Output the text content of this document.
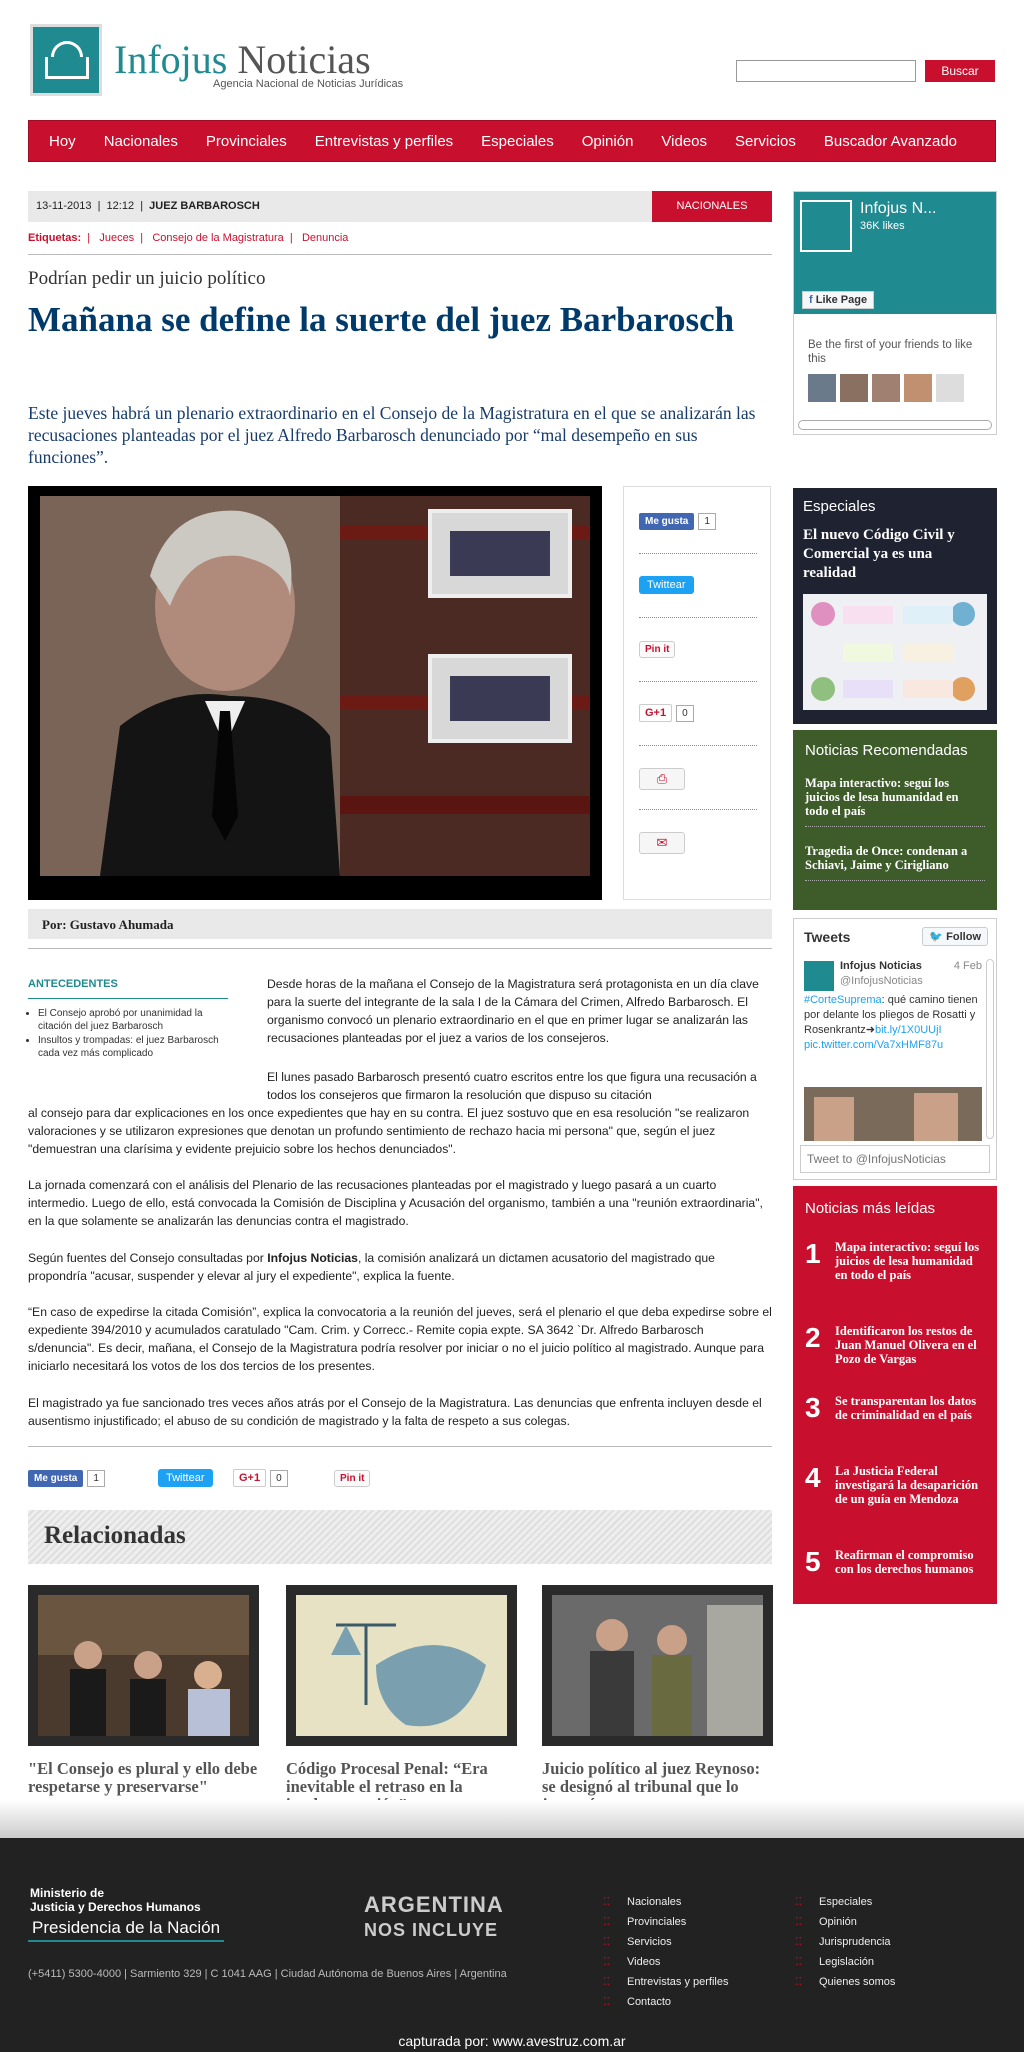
Infojus Noticias
Agencia Nacional de Noticias Jurídicas
Buscar
Hoy	Nacionales	Provinciales	Entrevistas y perfiles	Especiales	Opinión	Videos	Servicios	Buscador Avanzado
13-11-2013  |  12:12  |  JUEZ BARBAROSCH	NACIONALES
Etiquetas:  |   Jueces  |   Consejo de la Magistratura  |   Denuncia
Podrían pedir un juicio político
Mañana se define la suerte del juez Barbarosch

Este jueves habrá un plenario extraordinario en el Consejo de la Magistratura en el que se analizarán las recusaciones planteadas por el juez Alfredo Barbarosch denunciado por “mal desempeño en sus funciones”.

Me gusta 1
Twittear
Pin it
G+1 0
⎙
✉
Por: Gustavo Ahumada
ANTECEDENTES
• El Consejo aprobó por unanimidad la citación del juez Barbarosch
• Insultos y trompadas: el juez Barbarosch cada vez más complicado

Desde horas de la mañana el Consejo de la Magistratura será protagonista en un día clave para la suerte del integrante de la sala I de la Cámara del Crimen, Alfredo Barbarosch. El organismo convocó un plenario extraordinario en el que en primer lugar se analizarán las recusaciones planteadas por el juez a varios de los consejeros.

El lunes pasado Barbarosch presentó cuatro escritos entre los que figura una recusación a todos los consejeros que firmaron la resolución que dispuso su citación

al consejo para dar explicaciones en los once expedientes que hay en su contra. El juez sostuvo que en esa resolución "se realizaron valoraciones y se utilizaron expresiones que denotan un profundo sentimiento de rechazo hacia mi persona" que, según el juez "demuestran una clarísima y evidente prejuicio sobre los hechos denunciados".

La jornada comenzará con el análisis del Plenario de las recusaciones planteadas por el magistrado y luego pasará a un cuarto intermedio. Luego de ello, está convocada la Comisión de Disciplina y Acusación del organismo, también a una "reunión extraordinaria", en la que solamente se analizarán las denuncias contra el magistrado.

Según fuentes del Consejo consultadas por Infojus Noticias, la comisión analizará un dictamen acusatorio del magistrado que propondría "acusar, suspender y elevar al jury el expediente", explica la fuente.

“En caso de expedirse la citada Comisión”, explica la convocatoria a la reunión del jueves, será el plenario el que deba expedirse sobre el expediente 394/2010 y acumulados caratulado "Cam. Crim. y Correcc.- Remite copia expte. SA 3642 `Dr. Alfredo Barbarosch s/denuncia". Es decir, mañana, el Consejo de la Magistratura podría resolver por iniciar o no el juicio político al magistrado. Aunque para iniciarlo necesitará los votos de los dos tercios de los presentes.

El magistrado ya fue sancionado tres veces años atrás por el Consejo de la Magistratura. Las denuncias que enfrenta incluyen desde el ausentismo injustificado; el abuso de su condición de magistrado y la falta de respeto a sus colegas.

Me gusta 1	Twittear	G+1 0	Pin it
Relacionadas
"El Consejo es plural y ello debe respetarse y preservarse"
Código Procesal Penal: “Era inevitable el retraso en la
Juicio político al juez Reynoso: se designó al tribunal que lo
Infojus N...
36K likes
f Like Page
Be the first of your friends to like this
Especiales
El nuevo Código Civil y Comercial ya es una realidad
Noticias Recomendadas
Mapa interactivo: seguí los juicios de lesa humanidad en todo el país
Tragedia de Once: condenan a Schiavi, Jaime y Cirigliano
Tweets	🐦 Follow
Infojus Noticias	4 Feb
@InfojusNoticias
#CorteSuprema: qué camino tienen por delante los pliegos de Rosatti y Rosenkrantz➜bit.ly/1X0UUjI
pic.twitter.com/Va7xHMF87u
Tweet to @InfojusNoticias
Noticias más leídas
1 Mapa interactivo: seguí los juicios de lesa humanidad en todo el país
2 Identificaron los restos de Juan Manuel Olivera en el Pozo de Vargas
3 Se transparentan los datos de criminalidad en el país
4 La Justicia Federal investigará la desaparición de un guía en Mendoza
5 Reafirman el compromiso con los derechos humanos
Ministerio de
Justicia y Derechos Humanos
Presidencia de la Nación
ARGENTINA
NOS INCLUYE
(+5411) 5300-4000 | Sarmiento 329 | C 1041 AAG | Ciudad Autónoma de Buenos Aires | Argentina
⁚⁚ Nacionales
⁚⁚ Provinciales
⁚⁚ Servicios
⁚⁚ Videos
⁚⁚ Entrevistas y perfiles
⁚⁚ Contacto
⁚⁚ Especiales
⁚⁚ Opinión
⁚⁚ Jurisprudencia
⁚⁚ Legislación
⁚⁚ Quienes somos
capturada por: www.avestruz.com.ar
